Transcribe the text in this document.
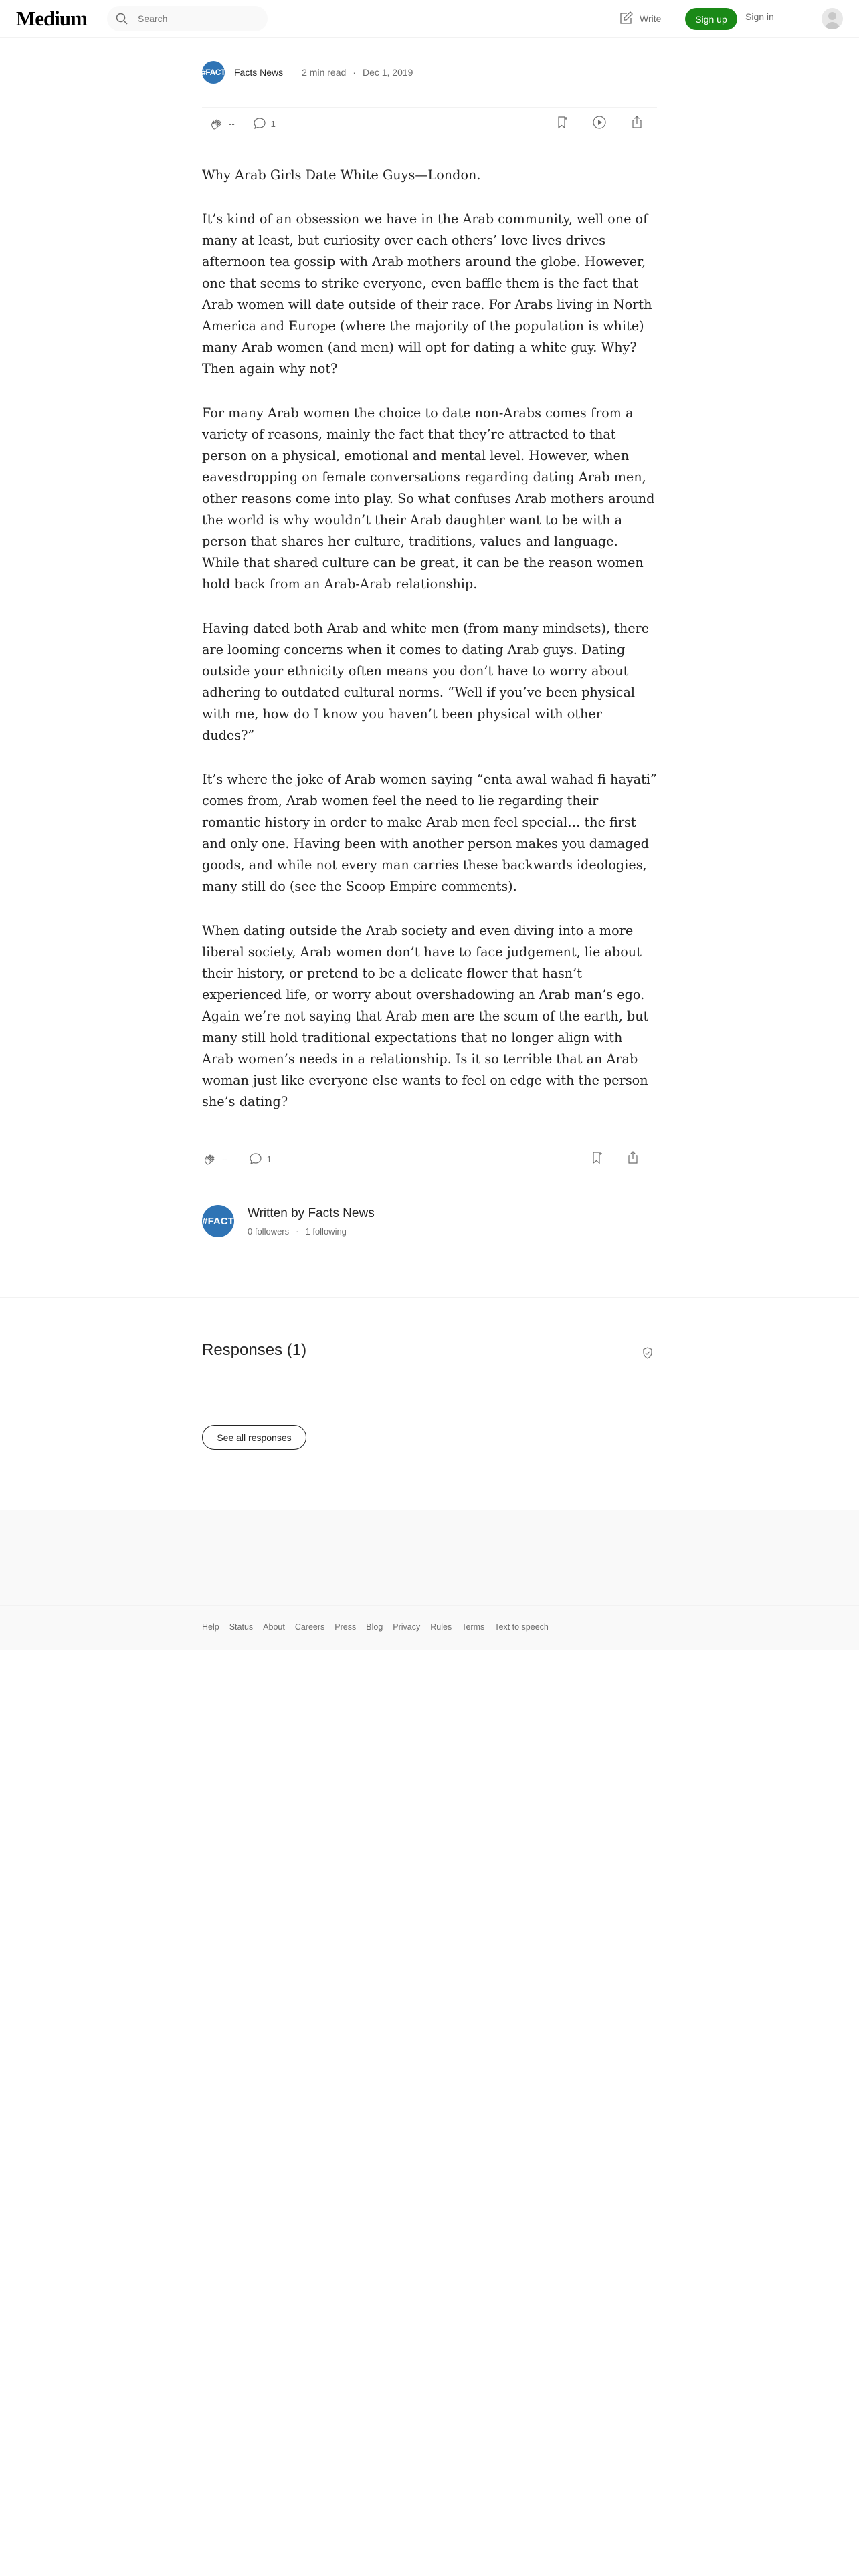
Medium
Search	Write	Sign up	Sign in
#FACT Facts News 2 min read · Dec 1, 2019
--	1

Why Arab Girls Date White Guys—London.

It’s kind of an obsession we have in the Arab community, well one of many at least, but curiosity over each others’ love lives drives afternoon tea gossip with Arab mothers around the globe. However, one that seems to strike everyone, even baffle them is the fact that Arab women will date outside of their race. For Arabs living in North America and Europe (where the majority of the population is white) many Arab women (and men) will opt for dating a white guy. Why? Then again why not?

For many Arab women the choice to date non-Arabs comes from a variety of reasons, mainly the fact that they’re attracted to that person on a physical, emotional and mental level. However, when eavesdropping on female conversations regarding dating Arab men, other reasons come into play. So what confuses Arab mothers around the world is why wouldn’t their Arab daughter want to be with a person that shares her culture, traditions, values and language. While that shared culture can be great, it can be the reason women hold back from an Arab-Arab relationship.

Having dated both Arab and white men (from many mindsets), there are looming concerns when it comes to dating Arab guys. Dating outside your ethnicity often means you don’t have to worry about adhering to outdated cultural norms. “Well if you’ve been physical with me, how do I know you haven’t been physical with other dudes?”

It’s where the joke of Arab women saying “enta awal wahad fi hayati” comes from, Arab women feel the need to lie regarding their romantic history in order to make Arab men feel special… the first and only one. Having been with another person makes you damaged goods, and while not every man carries these backwards ideologies, many still do (see the Scoop Empire comments).

When dating outside the Arab society and even diving into a more liberal society, Arab women don’t have to face judgement, lie about their history, or pretend to be a delicate flower that hasn’t experienced life, or worry about overshadowing an Arab man’s ego. Again we’re not saying that Arab men are the scum of the earth, but many still hold traditional expectations that no longer align with Arab women’s needs in a relationship. Is it so terrible that an Arab woman just like everyone else wants to feel on edge with the person she’s dating?

--	1
#FACT
Written by Facts News
0 followers · 1 following
Responses (1)
See all responses
Help Status About Careers Press Blog Privacy Rules Terms Text to speech
